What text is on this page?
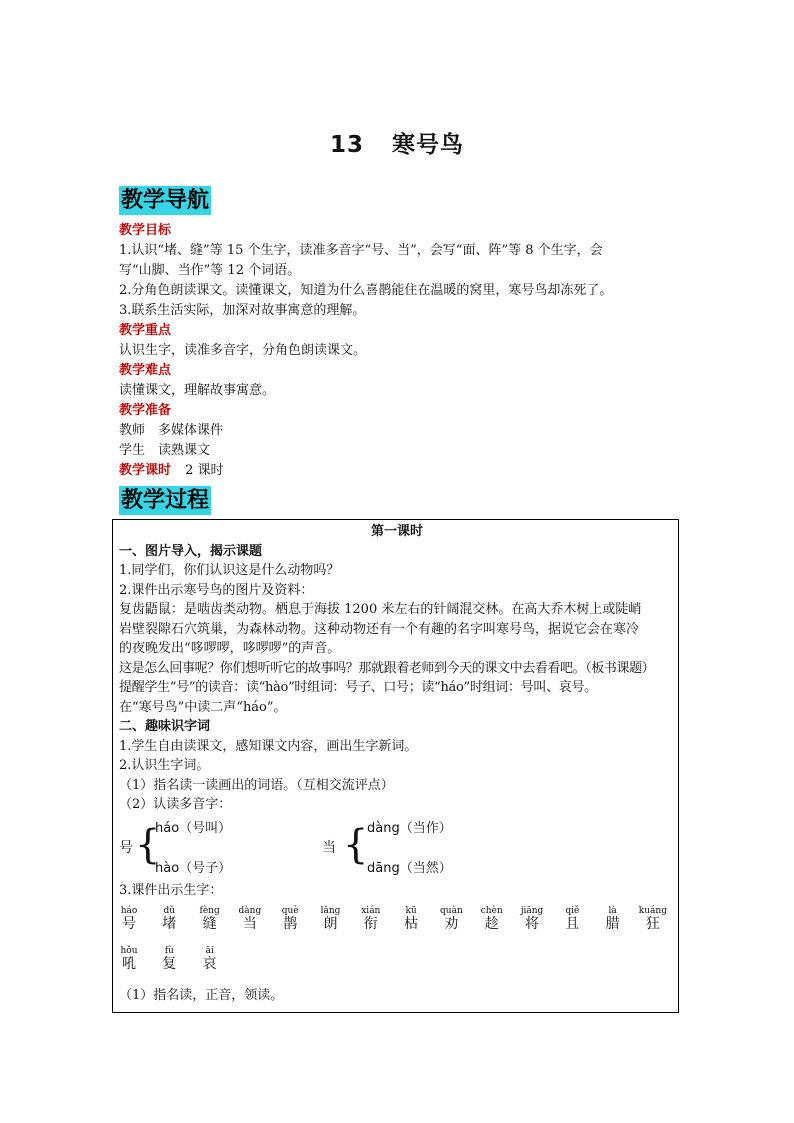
13 寒号鸟
教学导航
教学目标
1.认识“堵、缝”等 15 个生字，读准多音字“号、当”，会写“面、阵”等 8 个生字，会
写“山脚、当作”等 12 个词语。
2.分角色朗读课文。读懂课文，知道为什么喜鹊能住在温暖的窝里，寒号鸟却冻死了。
3.联系生活实际，加深对故事寓意的理解。
教学重点
认识生字，读准多音字，分角色朗读课文。
教学难点
读懂课文，理解故事寓意。
教学准备
教师　多媒体课件
学生　读熟课文
教学课时 2 课时
教学过程
第一课时
一、图片导入，揭示课题
1.同学们，你们认识这是什么动物吗？
2.课件出示寒号鸟的图片及资料：
复齿鼯鼠：是啮齿类动物。栖息于海拔 1200 米左右的针阔混交林。在高大乔木树上或陡峭
岩壁裂隙石穴筑巢，为森林动物。这种动物还有一个有趣的名字叫寒号鸟，据说它会在寒冷
的夜晚发出“哆啰啰，哆啰啰”的声音。
这是怎么回事呢？你们想听听它的故事吗？那就跟着老师到今天的课文中去看看吧。（板书课题）
提醒学生“号”的读音：读“hào”时组词：号子、口号；读“háo”时组词：号叫、哀号。
在“寒号鸟”中读二声“háo”。
二、趣味识字词
1.学生自由读课文，感知课文内容，画出生字新词。
2.认识生字词。
（1）指名读一读画出的词语。（互相交流评点）
（2）认读多音字：
号 {
háo（号叫）
hào（号子）
当 {
dàng（当作）
dāng（当然）
3.课件出示生字：
háo
号
dǔ
堵
fèng
缝
dàng
当
què
鹊
lǎng
朗
xián
衔
kū
枯
quàn
劝
chèn
趁
jiāng
将
qiě
且
là
腊
kuáng
狂
hǒu
吼
fù
复
āi
哀
（1）指名读，正音，领读。
